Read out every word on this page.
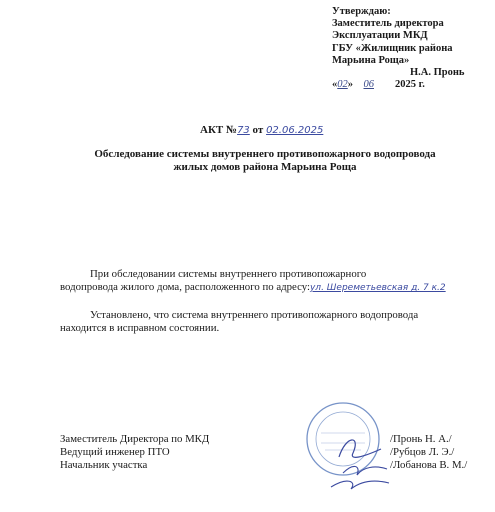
Утверждаю:
Заместитель директора
Эксплуатации МКД
ГБУ «Жилищник района
Марьина Роща»
Н.А. Пронь
«02» 06 2025 г.
АКТ №73 от 02.06.2025
Обследование системы внутреннего противопожарного водопровода
жилых домов района Марьина Роща
При обследовании системы внутреннего противопожарного
водопровода жилого дома, расположенного по адресу:ул. Шереметьевская д. 7 к.2
Установлено, что система внутреннего противопожарного водопровода
находится в исправном состоянии.
Заместитель Директора по МКД
Ведущий инженер ПТО
Начальник участка
/Пронь Н. А./
/Рубцов Л. Э./
/Лобанова В. М./
